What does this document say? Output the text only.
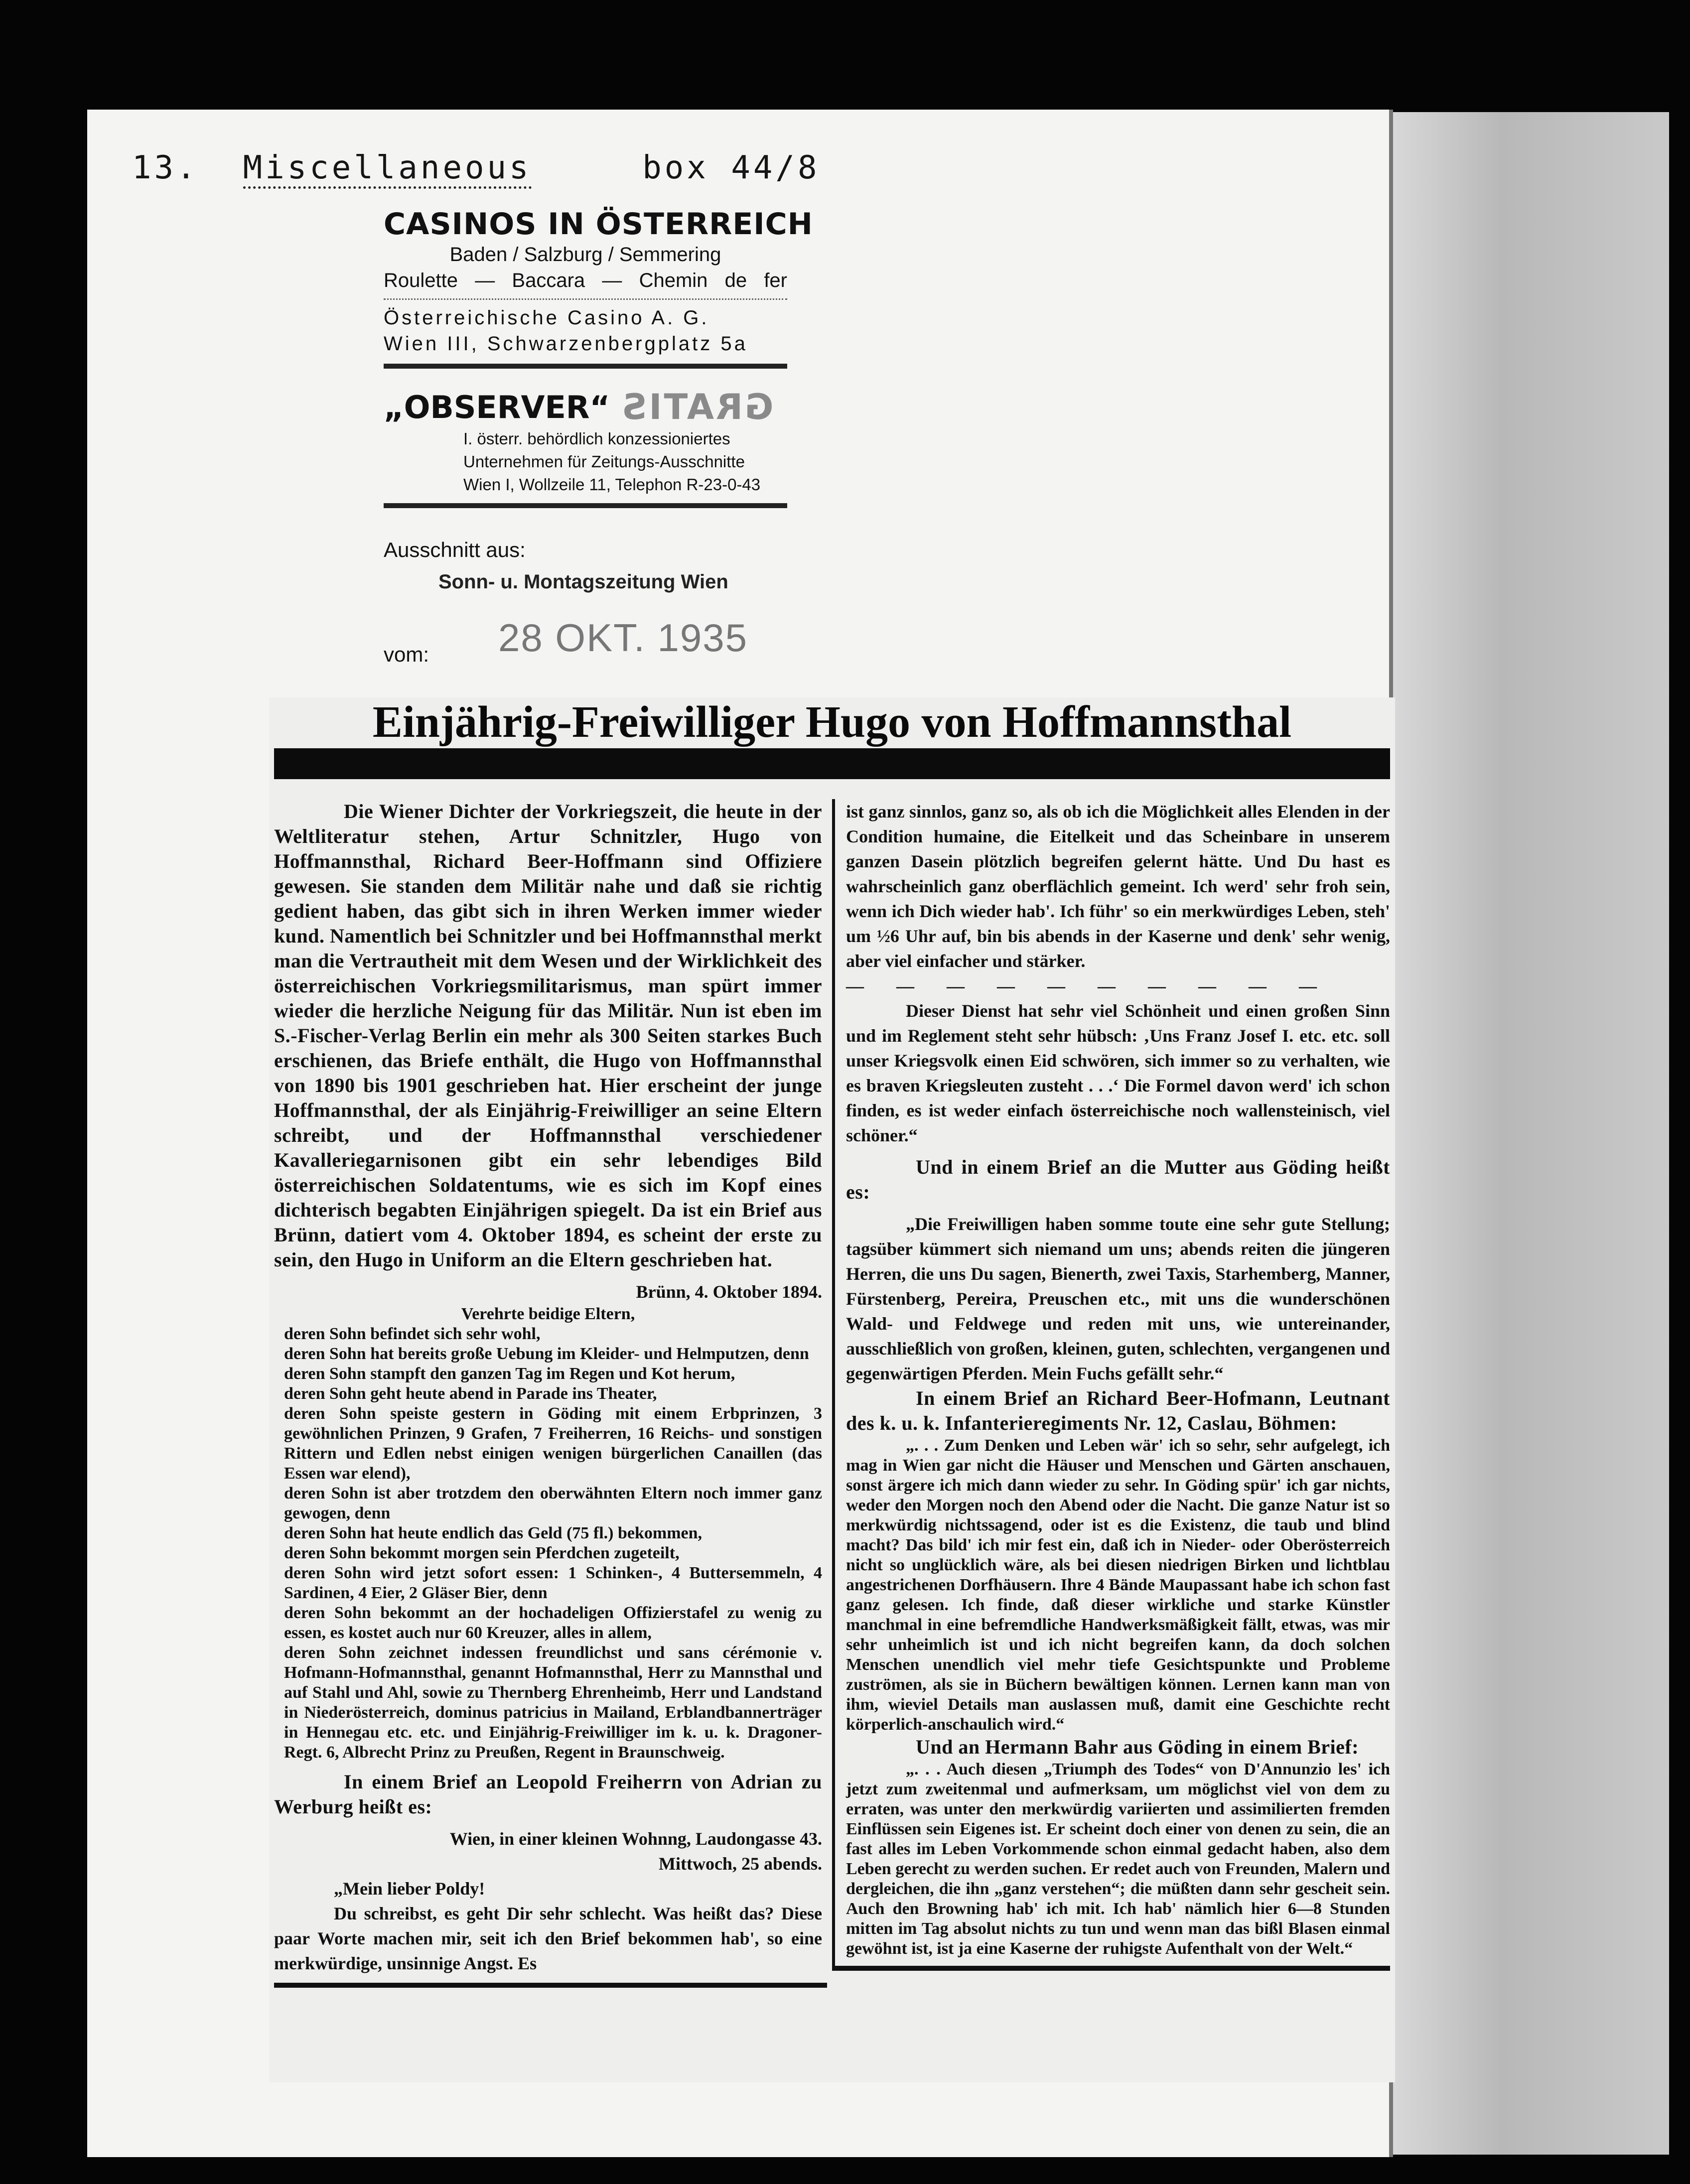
13. Miscellaneous	box 44/8
CASINOS IN ÖSTERREICH
Baden / Salzburg / Semmering
Roulette — Baccara — Chemin de fer
Österreichische Casino A. G.
Wien III, Schwarzenbergplatz 5a
„OBSERVER“ GRATIS
I. österr. behördlich konzessioniertes
Unternehmen für Zeitungs-Ausschnitte
Wien I, Wollzeile 11, Telephon R-23-0-43
Ausschnitt aus:
Sonn- u. Montagszeitung Wien
vom: 28 OKT. 1935
Einjährig-Freiwilliger Hugo von Hoffmannsthal

Die Wiener Dichter der Vorkriegszeit, die heute in der Weltliteratur stehen, Artur Schnitzler, Hugo von Hoffmannsthal, Richard Beer-Hoffmann sind Offiziere gewesen. Sie standen dem Militär nahe und daß sie richtig gedient haben, das gibt sich in ihren Werken immer wieder kund. Namentlich bei Schnitzler und bei Hoffmannsthal merkt man die Vertrautheit mit dem Wesen und der Wirklichkeit des österreichischen Vorkriegsmilitarismus, man spürt immer wieder die herzliche Neigung für das Militär. Nun ist eben im S.-Fischer-Verlag Berlin ein mehr als 300 Seiten starkes Buch erschienen, das Briefe enthält, die Hugo von Hoffmannsthal von 1890 bis 1901 geschrieben hat. Hier erscheint der junge Hoffmannsthal, der als Einjährig-Freiwilliger an seine Eltern schreibt, und der Hoffmannsthal verschiedener Kavalleriegarnisonen gibt ein sehr lebendiges Bild österreichischen Soldatentums, wie es sich im Kopf eines dichterisch begabten Einjährigen spiegelt. Da ist ein Brief aus Brünn, datiert vom 4. Oktober 1894, es scheint der erste zu sein, den Hugo in Uniform an die Eltern geschrieben hat.

Brünn, 4. Oktober 1894.

Verehrte beidige Eltern,

deren Sohn befindet sich sehr wohl,

deren Sohn hat bereits große Uebung im Kleider- und Helmputzen, denn

deren Sohn stampft den ganzen Tag im Regen und Kot herum,

deren Sohn geht heute abend in Parade ins Theater,

deren Sohn speiste gestern in Göding mit einem Erbprinzen, 3 gewöhnlichen Prinzen, 9 Grafen, 7 Freiherren, 16 Reichs- und sonstigen Rittern und Edlen nebst einigen wenigen bürgerlichen Canaillen (das Essen war elend),

deren Sohn ist aber trotzdem den oberwähnten Eltern noch immer ganz gewogen, denn

deren Sohn hat heute endlich das Geld (75 fl.) bekommen,

deren Sohn bekommt morgen sein Pferdchen zugeteilt,

deren Sohn wird jetzt sofort essen: 1 Schinken-, 4 Buttersemmeln, 4 Sardinen, 4 Eier, 2 Gläser Bier, denn

deren Sohn bekommt an der hochadeligen Offizierstafel zu wenig zu essen, es kostet auch nur 60 Kreuzer, alles in allem,

deren Sohn zeichnet indessen freundlichst und sans cérémonie v. Hofmann-Hofmannsthal, genannt Hofmannsthal, Herr zu Mannsthal und auf Stahl und Ahl, sowie zu Thernberg Ehrenheimb, Herr und Landstand in Niederösterreich, dominus patricius in Mailand, Erblandbannerträger in Hennegau etc. etc. und Einjährig-Freiwilliger im k. u. k. Dragoner-Regt. 6, Albrecht Prinz zu Preußen, Regent in Braunschweig.

In einem Brief an Leopold Freiherrn von Adrian zu Werburg heißt es:

Wien, in einer kleinen Wohnng, Laudongasse 43.

Mittwoch, 25 abends.

„Mein lieber Poldy!

Du schreibst, es geht Dir sehr schlecht. Was heißt das? Diese paar Worte machen mir, seit ich den Brief bekommen hab', so eine merkwürdige, unsinnige Angst. Es

ist ganz sinnlos, ganz so, als ob ich die Möglichkeit alles Elenden in der Condition humaine, die Eitelkeit und das Scheinbare in unserem ganzen Dasein plötzlich begreifen gelernt hätte. Und Du hast es wahrscheinlich ganz oberflächlich gemeint. Ich werd' sehr froh sein, wenn ich Dich wieder hab'. Ich führ' so ein merkwürdiges Leben, steh' um ½6 Uhr auf, bin bis abends in der Kaserne und denk' sehr wenig, aber viel einfacher und stärker.

— — — — — — — — — —

Dieser Dienst hat sehr viel Schönheit und einen großen Sinn und im Reglement steht sehr hübsch: ‚Uns Franz Josef I. etc. etc. soll unser Kriegsvolk einen Eid schwören, sich immer so zu verhalten, wie es braven Kriegsleuten zusteht . . .‘ Die Formel davon werd' ich schon finden, es ist weder einfach österreichische noch wallensteinisch, viel schöner.“

Und in einem Brief an die Mutter aus Göding heißt es:

„Die Freiwilligen haben somme toute eine sehr gute Stellung; tagsüber kümmert sich niemand um uns; abends reiten die jüngeren Herren, die uns Du sagen, Bienerth, zwei Taxis, Starhemberg, Manner, Fürstenberg, Pereira, Preuschen etc., mit uns die wunderschönen Wald- und Feldwege und reden mit uns, wie untereinander, ausschließlich von großen, kleinen, guten, schlechten, vergangenen und gegenwärtigen Pferden. Mein Fuchs gefällt sehr.“

In einem Brief an Richard Beer-Hofmann, Leutnant des k. u. k. Infanterieregiments Nr. 12, Caslau, Böhmen:

„. . . Zum Denken und Leben wär' ich so sehr, sehr aufgelegt, ich mag in Wien gar nicht die Häuser und Menschen und Gärten anschauen, sonst ärgere ich mich dann wieder zu sehr. In Göding spür' ich gar nichts, weder den Morgen noch den Abend oder die Nacht. Die ganze Natur ist so merkwürdig nichtssagend, oder ist es die Existenz, die taub und blind macht? Das bild' ich mir fest ein, daß ich in Nieder- oder Oberösterreich nicht so unglücklich wäre, als bei diesen niedrigen Birken und lichtblau angestrichenen Dorfhäusern. Ihre 4 Bände Maupassant habe ich schon fast ganz gelesen. Ich finde, daß dieser wirkliche und starke Künstler manchmal in eine befremdliche Handwerksmäßigkeit fällt, etwas, was mir sehr unheimlich ist und ich nicht begreifen kann, da doch solchen Menschen unendlich viel mehr tiefe Gesichtspunkte und Probleme zuströmen, als sie in Büchern bewältigen können. Lernen kann man von ihm, wieviel Details man auslassen muß, damit eine Geschichte recht körperlich-anschaulich wird.“

Und an Hermann Bahr aus Göding in einem Brief:

„. . . Auch diesen „Triumph des Todes“ von D'Annunzio les' ich jetzt zum zweitenmal und aufmerksam, um möglichst viel von dem zu erraten, was unter den merkwürdig variierten und assimilierten fremden Einflüssen sein Eigenes ist. Er scheint doch einer von denen zu sein, die an fast alles im Leben Vorkommende schon einmal gedacht haben, also dem Leben gerecht zu werden suchen. Er redet auch von Freunden, Malern und dergleichen, die ihn „ganz verstehen“; die müßten dann sehr gescheit sein. Auch den Browning hab' ich mit. Ich hab' nämlich hier 6—8 Stunden mitten im Tag absolut nichts zu tun und wenn man das bißl Blasen einmal gewöhnt ist, ist ja eine Kaserne der ruhigste Aufenthalt von der Welt.“
